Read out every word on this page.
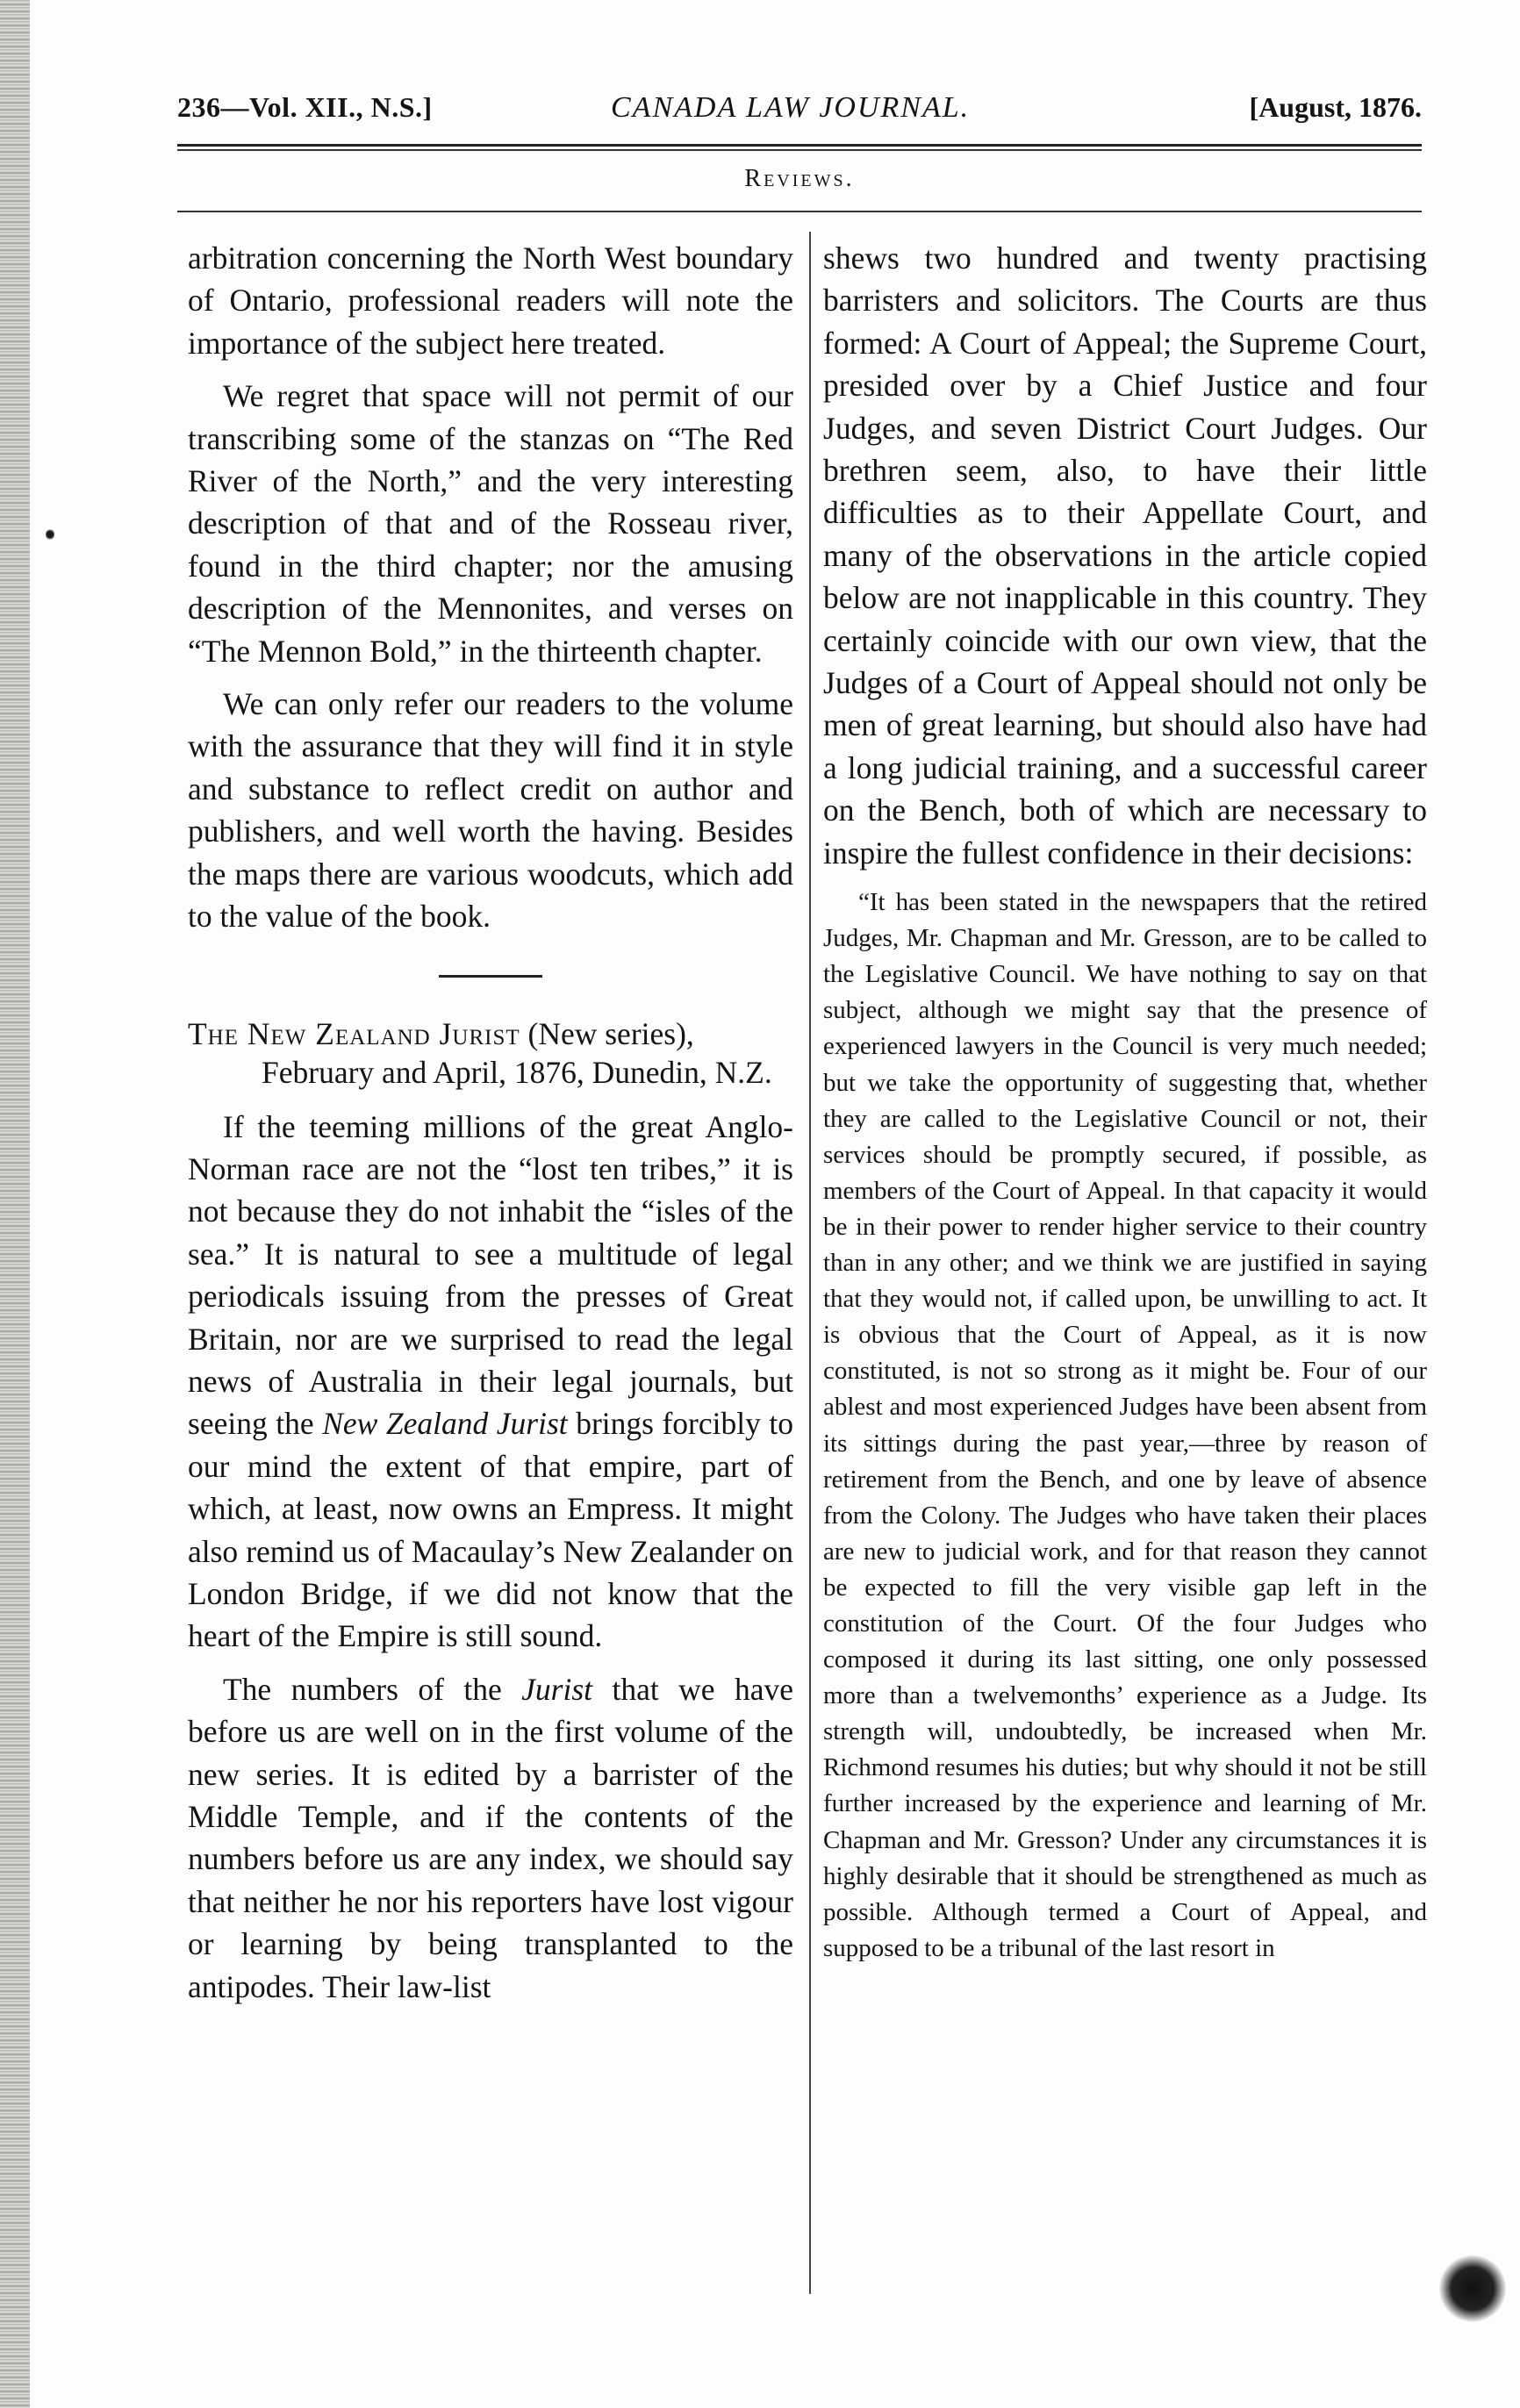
236—Vol. XII., N.S.]	CANADA LAW JOURNAL.	[August, 1876.
Reviews.

arbitration concerning the North West boundary of Ontario, professional readers will note the importance of the subject here treated.

We regret that space will not permit of our transcribing some of the stanzas on “The Red River of the North,” and the very interesting description of that and of the Rosseau river, found in the third chapter; nor the amusing description of the Mennonites, and verses on “The Mennon Bold,” in the thirteenth chapter.

We can only refer our readers to the volume with the assurance that they will find it in style and substance to reflect credit on author and publishers, and well worth the having. Besides the maps there are various woodcuts, which add to the value of the book.

The New Zealand Jurist (New series), February and April, 1876, Dunedin, N.Z.

If the teeming millions of the great Anglo-Norman race are not the “lost ten tribes,” it is not because they do not inhabit the “isles of the sea.” It is natural to see a multitude of legal periodicals issuing from the presses of Great Britain, nor are we surprised to read the legal news of Australia in their legal journals, but seeing the New Zealand Jurist brings forcibly to our mind the extent of that empire, part of which, at least, now owns an Empress. It might also remind us of Macaulay’s New Zealander on London Bridge, if we did not know that the heart of the Empire is still sound.

The numbers of the Jurist that we have before us are well on in the first volume of the new series. It is edited by a barrister of the Middle Temple, and if the contents of the numbers before us are any index, we should say that neither he nor his reporters have lost vigour or learning by being transplanted to the antipodes. Their law-list

shews two hundred and twenty practising barristers and solicitors. The Courts are thus formed: A Court of Appeal; the Supreme Court, presided over by a Chief Justice and four Judges, and seven District Court Judges. Our brethren seem, also, to have their little difficulties as to their Appellate Court, and many of the observations in the article copied below are not inapplicable in this country. They certainly coincide with our own view, that the Judges of a Court of Appeal should not only be men of great learning, but should also have had a long judicial training, and a successful career on the Bench, both of which are necessary to inspire the fullest confidence in their decisions:

“It has been stated in the newspapers that the retired Judges, Mr. Chapman and Mr. Gresson, are to be called to the Legislative Council. We have nothing to say on that subject, although we might say that the presence of experienced lawyers in the Council is very much needed; but we take the opportunity of suggesting that, whether they are called to the Legislative Council or not, their services should be promptly secured, if possible, as members of the Court of Appeal. In that capacity it would be in their power to render higher service to their country than in any other; and we think we are justified in saying that they would not, if called upon, be unwilling to act. It is obvious that the Court of Appeal, as it is now constituted, is not so strong as it might be. Four of our ablest and most experienced Judges have been absent from its sittings during the past year,—three by reason of retirement from the Bench, and one by leave of absence from the Colony. The Judges who have taken their places are new to judicial work, and for that reason they cannot be expected to fill the very visible gap left in the constitution of the Court. Of the four Judges who composed it during its last sitting, one only possessed more than a twelvemonths’ experience as a Judge. Its strength will, undoubtedly, be increased when Mr. Richmond resumes his duties; but why should it not be still further increased by the experience and learning of Mr. Chapman and Mr. Gresson? Under any circumstances it is highly desirable that it should be strengthened as much as possible. Although termed a Court of Appeal, and supposed to be a tribunal of the last resort in
